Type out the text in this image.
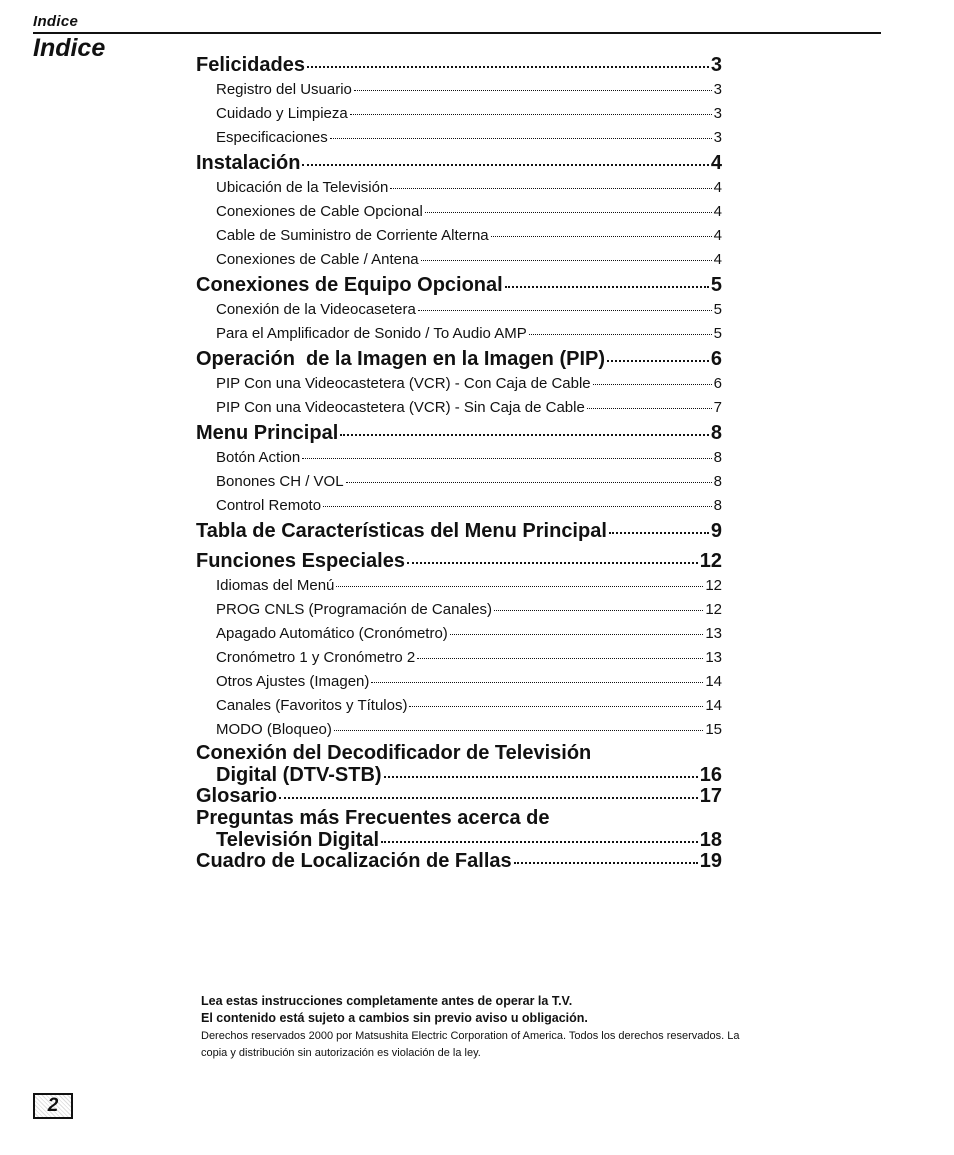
Indice
Indice
Felicidades	3
Registro del Usuario	3
Cuidado y Limpieza	3
Especificaciones	3
Instalación	4
Ubicación de la Televisión	4
Conexiones de Cable Opcional	4
Cable de Suministro de Corriente Alterna	4
Conexiones de Cable / Antena	4
Conexiones de Equipo Opcional	5
Conexión de la Videocasetera	5
Para el Amplificador de Sonido / To Audio AMP	5
Operación  de la Imagen en la Imagen (PIP)	6
PIP Con una Videocastetera (VCR) - Con Caja de Cable	6
PIP Con una Videocastetera (VCR) - Sin Caja de Cable	7
Menu Principal	8
Botón Action	8
Bonones CH / VOL	8
Control Remoto	8
Tabla de Características del Menu Principal	9
Funciones Especiales	12
Idiomas del Menú	12
PROG CNLS (Programación de Canales)	12
Apagado Automático (Cronómetro)	13
Cronómetro 1 y Cronómetro 2	13
Otros Ajustes (Imagen)	14
Canales (Favoritos y Títulos)	14
MODO (Bloqueo)	15
Conexión del Decodificador de Televisión
Digital (DTV-STB)	16
Glosario	17
Preguntas más Frecuentes acerca de
Televisión Digital	18
Cuadro de Localización de Fallas	19
Lea estas instrucciones completamente antes de operar la T.V.
El contenido está sujeto a cambios sin previo aviso u obligación.
Derechos reservados 2000 por Matsushita Electric Corporation of America. Todos los derechos reservados. La copia y distribución sin autorización es violación de la ley.
2
